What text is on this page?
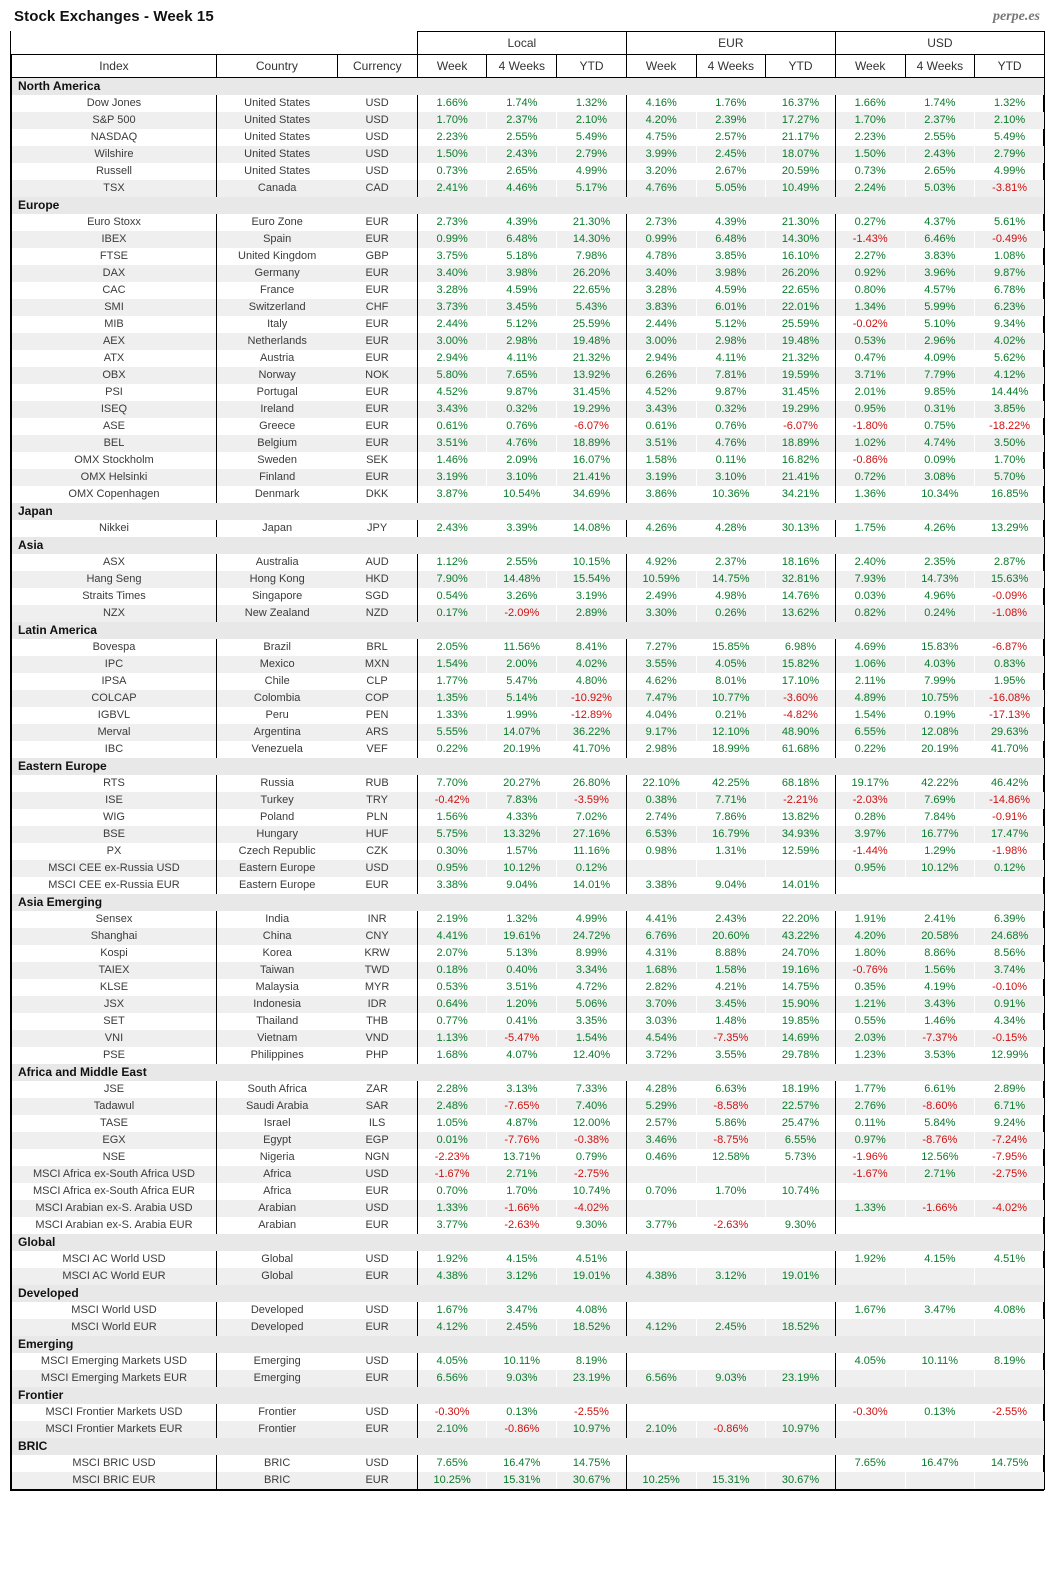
Stock Exchanges - Week 15	perpe.es
			Local			EUR			USD		
Index	Country	Currency	Week	4 Weeks	YTD	Week	4 Weeks	YTD	Week	4 Weeks	YTD
North America											
Dow Jones	United States	USD	1.66%	1.74%	1.32%	4.16%	1.76%	16.37%	1.66%	1.74%	1.32%
S&P 500	United States	USD	1.70%	2.37%	2.10%	4.20%	2.39%	17.27%	1.70%	2.37%	2.10%
NASDAQ	United States	USD	2.23%	2.55%	5.49%	4.75%	2.57%	21.17%	2.23%	2.55%	5.49%
Wilshire	United States	USD	1.50%	2.43%	2.79%	3.99%	2.45%	18.07%	1.50%	2.43%	2.79%
Russell	United States	USD	0.73%	2.65%	4.99%	3.20%	2.67%	20.59%	0.73%	2.65%	4.99%
TSX	Canada	CAD	2.41%	4.46%	5.17%	4.76%	5.05%	10.49%	2.24%	5.03%	-3.81%
Europe											
Euro Stoxx	Euro Zone	EUR	2.73%	4.39%	21.30%	2.73%	4.39%	21.30%	0.27%	4.37%	5.61%
IBEX	Spain	EUR	0.99%	6.48%	14.30%	0.99%	6.48%	14.30%	-1.43%	6.46%	-0.49%
FTSE	United Kingdom	GBP	3.75%	5.18%	7.98%	4.78%	3.85%	16.10%	2.27%	3.83%	1.08%
DAX	Germany	EUR	3.40%	3.98%	26.20%	3.40%	3.98%	26.20%	0.92%	3.96%	9.87%
CAC	France	EUR	3.28%	4.59%	22.65%	3.28%	4.59%	22.65%	0.80%	4.57%	6.78%
SMI	Switzerland	CHF	3.73%	3.45%	5.43%	3.83%	6.01%	22.01%	1.34%	5.99%	6.23%
MIB	Italy	EUR	2.44%	5.12%	25.59%	2.44%	5.12%	25.59%	-0.02%	5.10%	9.34%
AEX	Netherlands	EUR	3.00%	2.98%	19.48%	3.00%	2.98%	19.48%	0.53%	2.96%	4.02%
ATX	Austria	EUR	2.94%	4.11%	21.32%	2.94%	4.11%	21.32%	0.47%	4.09%	5.62%
OBX	Norway	NOK	5.80%	7.65%	13.92%	6.26%	7.81%	19.59%	3.71%	7.79%	4.12%
PSI	Portugal	EUR	4.52%	9.87%	31.45%	4.52%	9.87%	31.45%	2.01%	9.85%	14.44%
ISEQ	Ireland	EUR	3.43%	0.32%	19.29%	3.43%	0.32%	19.29%	0.95%	0.31%	3.85%
ASE	Greece	EUR	0.61%	0.76%	-6.07%	0.61%	0.76%	-6.07%	-1.80%	0.75%	-18.22%
BEL	Belgium	EUR	3.51%	4.76%	18.89%	3.51%	4.76%	18.89%	1.02%	4.74%	3.50%
OMX Stockholm	Sweden	SEK	1.46%	2.09%	16.07%	1.58%	0.11%	16.82%	-0.86%	0.09%	1.70%
OMX Helsinki	Finland	EUR	3.19%	3.10%	21.41%	3.19%	3.10%	21.41%	0.72%	3.08%	5.70%
OMX Copenhagen	Denmark	DKK	3.87%	10.54%	34.69%	3.86%	10.36%	34.21%	1.36%	10.34%	16.85%
Japan											
Nikkei	Japan	JPY	2.43%	3.39%	14.08%	4.26%	4.28%	30.13%	1.75%	4.26%	13.29%
Asia											
ASX	Australia	AUD	1.12%	2.55%	10.15%	4.92%	2.37%	18.16%	2.40%	2.35%	2.87%
Hang Seng	Hong Kong	HKD	7.90%	14.48%	15.54%	10.59%	14.75%	32.81%	7.93%	14.73%	15.63%
Straits Times	Singapore	SGD	0.54%	3.26%	3.19%	2.49%	4.98%	14.76%	0.03%	4.96%	-0.09%
NZX	New Zealand	NZD	0.17%	-2.09%	2.89%	3.30%	0.26%	13.62%	0.82%	0.24%	-1.08%
Latin America											
Bovespa	Brazil	BRL	2.05%	11.56%	8.41%	7.27%	15.85%	6.98%	4.69%	15.83%	-6.87%
IPC	Mexico	MXN	1.54%	2.00%	4.02%	3.55%	4.05%	15.82%	1.06%	4.03%	0.83%
IPSA	Chile	CLP	1.77%	5.47%	4.80%	4.62%	8.01%	17.10%	2.11%	7.99%	1.95%
COLCAP	Colombia	COP	1.35%	5.14%	-10.92%	7.47%	10.77%	-3.60%	4.89%	10.75%	-16.08%
IGBVL	Peru	PEN	1.33%	1.99%	-12.89%	4.04%	0.21%	-4.82%	1.54%	0.19%	-17.13%
Merval	Argentina	ARS	5.55%	14.07%	36.22%	9.17%	12.10%	48.90%	6.55%	12.08%	29.63%
IBC	Venezuela	VEF	0.22%	20.19%	41.70%	2.98%	18.99%	61.68%	0.22%	20.19%	41.70%
Eastern Europe											
RTS	Russia	RUB	7.70%	20.27%	26.80%	22.10%	42.25%	68.18%	19.17%	42.22%	46.42%
ISE	Turkey	TRY	-0.42%	7.83%	-3.59%	0.38%	7.71%	-2.21%	-2.03%	7.69%	-14.86%
WIG	Poland	PLN	1.56%	4.33%	7.02%	2.74%	7.86%	13.82%	0.28%	7.84%	-0.91%
BSE	Hungary	HUF	5.75%	13.32%	27.16%	6.53%	16.79%	34.93%	3.97%	16.77%	17.47%
PX	Czech Republic	CZK	0.30%	1.57%	11.16%	0.98%	1.31%	12.59%	-1.44%	1.29%	-1.98%
MSCI CEE ex-Russia USD	Eastern Europe	USD	0.95%	10.12%	0.12%				0.95%	10.12%	0.12%
MSCI CEE ex-Russia EUR	Eastern Europe	EUR	3.38%	9.04%	14.01%	3.38%	9.04%	14.01%			
Asia Emerging											
Sensex	India	INR	2.19%	1.32%	4.99%	4.41%	2.43%	22.20%	1.91%	2.41%	6.39%
Shanghai	China	CNY	4.41%	19.61%	24.72%	6.76%	20.60%	43.22%	4.20%	20.58%	24.68%
Kospi	Korea	KRW	2.07%	5.13%	8.99%	4.31%	8.88%	24.70%	1.80%	8.86%	8.56%
TAIEX	Taiwan	TWD	0.18%	0.40%	3.34%	1.68%	1.58%	19.16%	-0.76%	1.56%	3.74%
KLSE	Malaysia	MYR	0.53%	3.51%	4.72%	2.82%	4.21%	14.75%	0.35%	4.19%	-0.10%
JSX	Indonesia	IDR	0.64%	1.20%	5.06%	3.70%	3.45%	15.90%	1.21%	3.43%	0.91%
SET	Thailand	THB	0.77%	0.41%	3.35%	3.03%	1.48%	19.85%	0.55%	1.46%	4.34%
VNI	Vietnam	VND	1.13%	-5.47%	1.54%	4.54%	-7.35%	14.69%	2.03%	-7.37%	-0.15%
PSE	Philippines	PHP	1.68%	4.07%	12.40%	3.72%	3.55%	29.78%	1.23%	3.53%	12.99%
Africa and Middle East											
JSE	South Africa	ZAR	2.28%	3.13%	7.33%	4.28%	6.63%	18.19%	1.77%	6.61%	2.89%
Tadawul	Saudi Arabia	SAR	2.48%	-7.65%	7.40%	5.29%	-8.58%	22.57%	2.76%	-8.60%	6.71%
TASE	Israel	ILS	1.05%	4.87%	12.00%	2.57%	5.86%	25.47%	0.11%	5.84%	9.24%
EGX	Egypt	EGP	0.01%	-7.76%	-0.38%	3.46%	-8.75%	6.55%	0.97%	-8.76%	-7.24%
NSE	Nigeria	NGN	-2.23%	13.71%	0.79%	0.46%	12.58%	5.73%	-1.96%	12.56%	-7.95%
MSCI Africa ex-South Africa USD	Africa	USD	-1.67%	2.71%	-2.75%				-1.67%	2.71%	-2.75%
MSCI Africa ex-South Africa EUR	Africa	EUR	0.70%	1.70%	10.74%	0.70%	1.70%	10.74%			
MSCI Arabian ex-S. Arabia USD	Arabian	USD	1.33%	-1.66%	-4.02%				1.33%	-1.66%	-4.02%
MSCI Arabian ex-S. Arabia EUR	Arabian	EUR	3.77%	-2.63%	9.30%	3.77%	-2.63%	9.30%			
Global											
MSCI AC World USD	Global	USD	1.92%	4.15%	4.51%				1.92%	4.15%	4.51%
MSCI AC World EUR	Global	EUR	4.38%	3.12%	19.01%	4.38%	3.12%	19.01%			
Developed											
MSCI World USD	Developed	USD	1.67%	3.47%	4.08%				1.67%	3.47%	4.08%
MSCI World EUR	Developed	EUR	4.12%	2.45%	18.52%	4.12%	2.45%	18.52%			
Emerging											
MSCI Emerging Markets USD	Emerging	USD	4.05%	10.11%	8.19%				4.05%	10.11%	8.19%
MSCI Emerging Markets EUR	Emerging	EUR	6.56%	9.03%	23.19%	6.56%	9.03%	23.19%			
Frontier											
MSCI Frontier Markets USD	Frontier	USD	-0.30%	0.13%	-2.55%				-0.30%	0.13%	-2.55%
MSCI Frontier Markets EUR	Frontier	EUR	2.10%	-0.86%	10.97%	2.10%	-0.86%	10.97%			
BRIC											
MSCI BRIC USD	BRIC	USD	7.65%	16.47%	14.75%				7.65%	16.47%	14.75%
MSCI BRIC EUR	BRIC	EUR	10.25%	15.31%	30.67%	10.25%	15.31%	30.67%			
